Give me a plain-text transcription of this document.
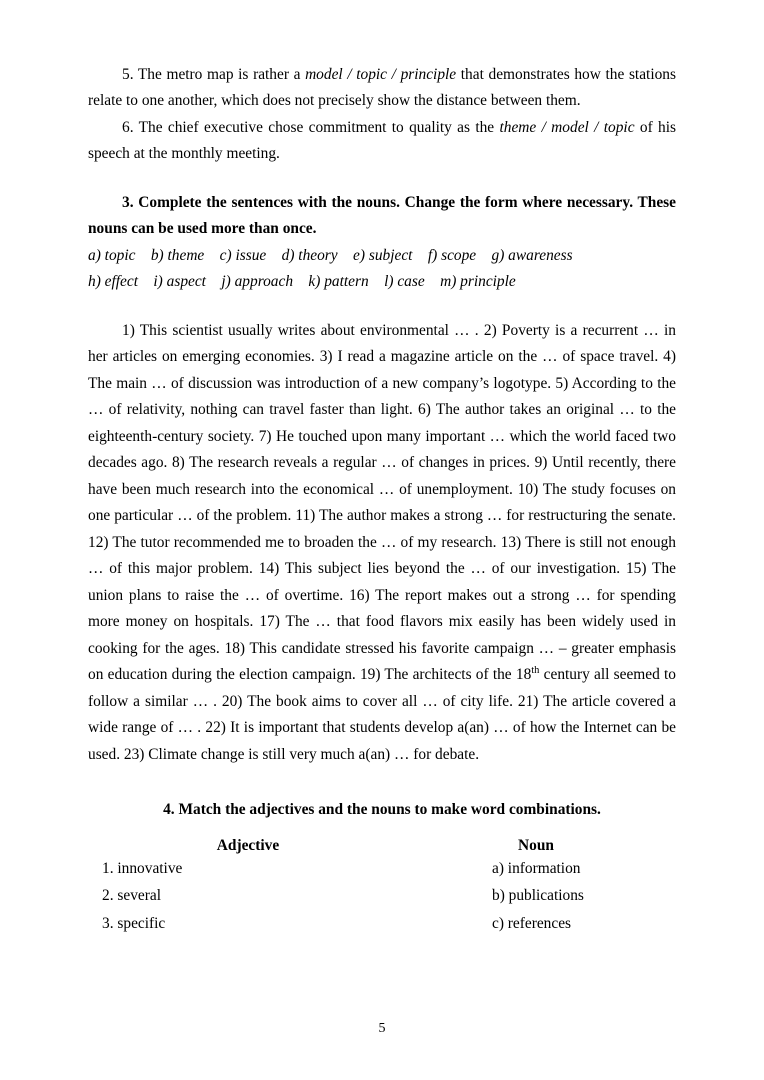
5. The metro map is rather a model / topic / principle that demonstrates how the stations relate to one another, which does not precisely show the distance between them.

6. The chief executive chose commitment to quality as the theme / model / topic of his speech at the monthly meeting.

3. Complete the sentences with the nouns. Change the form where necessary. These nouns can be used more than once.

a) topic b) theme c) issue d) theory e) subject f) scope g) awareness
h) effect i) aspect j) approach k) pattern l) case m) principle

1) This scientist usually writes about environmental … . 2) Poverty is a recurrent … in her articles on emerging economies. 3) I read a magazine article on the … of space travel. 4) The main … of discussion was introduction of a new company’s logotype. 5) According to the … of relativity, nothing can travel faster than light. 6) The author takes an original … to the eighteenth-century society. 7) He touched upon many important … which the world faced two decades ago. 8) The research reveals a regular … of changes in prices. 9) Until recently, there have been much research into the economical … of unemployment. 10) The study focuses on one particular … of the problem. 11) The author makes a strong … for restructuring the senate. 12) The tutor recommended me to broaden the … of my research. 13) There is still not enough … of this major problem. 14) This subject lies beyond the … of our investigation. 15) The union plans to raise the … of overtime. 16) The report makes out a strong … for spending more money on hospitals. 17) The … that food flavors mix easily has been widely used in cooking for the ages. 18) This candidate stressed his favorite campaign … – greater emphasis on education during the election campaign. 19) The architects of the 18th century all seemed to follow a similar … . 20) The book aims to cover all … of city life. 21) The article covered a wide range of … . 22) It is important that students develop a(an) … of how the Internet can be used. 23) Climate change is still very much a(an) … for debate.

4. Match the adjectives and the nouns to make word combinations.

Adjective	Noun
1. innovative	a) information
2. several	b) publications
3. specific	c) references
5
